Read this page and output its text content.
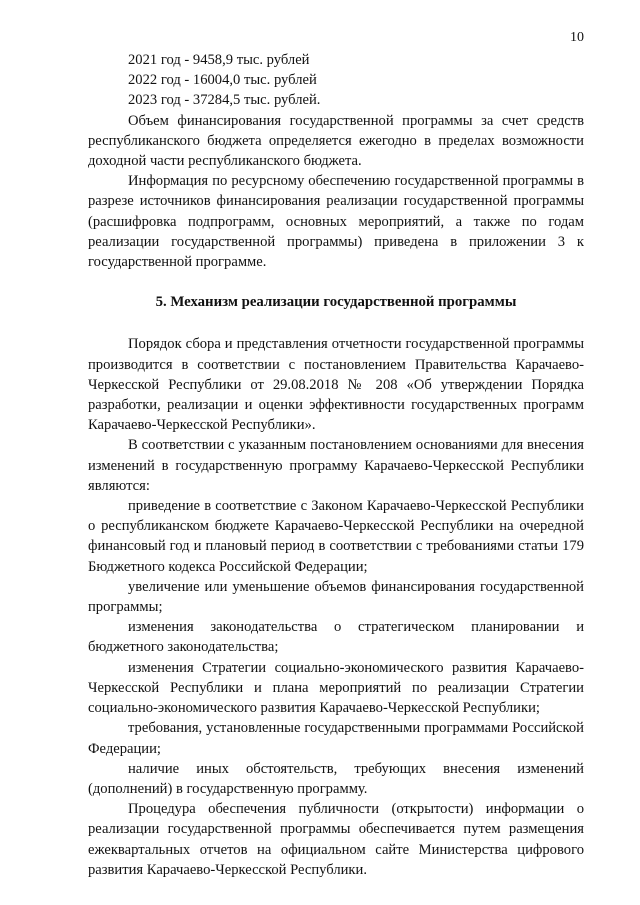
10

2021 год - 9458,9 тыс. рублей

2022 год - 16004,0 тыс. рублей

2023 год - 37284,5 тыс. рублей.

Объем финансирования государственной программы за счет средств республиканского бюджета определяется ежегодно в пределах возможности доходной части республиканского бюджета.

Информация по ресурсному обеспечению государственной программы в разрезе источников финансирования реализации государственной программы (расшифровка подпрограмм, основных мероприятий, а также по годам реализации государственной программы) приведена в приложении 3 к государственной программе.

5. Механизм реализации государственной программы

Порядок сбора и представления отчетности государственной программы производится в соответствии с постановлением Правительства Карачаево-Черкесской Республики от 29.08.2018 № 208 «Об утверждении Порядка разработки, реализации и оценки эффективности государственных программ Карачаево-Черкесской Республики».

В соответствии с указанным постановлением основаниями для внесения изменений в государственную программу Карачаево-Черкесской Республики являются:

приведение в соответствие с Законом Карачаево-Черкесской Республики о республиканском бюджете Карачаево-Черкесской Республики на очередной финансовый год и плановый период в соответствии с требованиями статьи 179 Бюджетного кодекса Российской Федерации;

увеличение или уменьшение объемов финансирования государственной программы;

изменения законодательства о стратегическом планировании и бюджетного законодательства;

изменения Стратегии социально-экономического развития Карачаево-Черкесской Республики и плана мероприятий по реализации Стратегии социально-экономического развития Карачаево-Черкесской Республики;

требования, установленные государственными программами Российской Федерации;

наличие иных обстоятельств, требующих внесения изменений (дополнений) в государственную программу.

Процедура обеспечения публичности (открытости) информации о реализации государственной программы обеспечивается путем размещения ежеквартальных отчетов на официальном сайте Министерства цифрового развития Карачаево-Черкесской Республики.
